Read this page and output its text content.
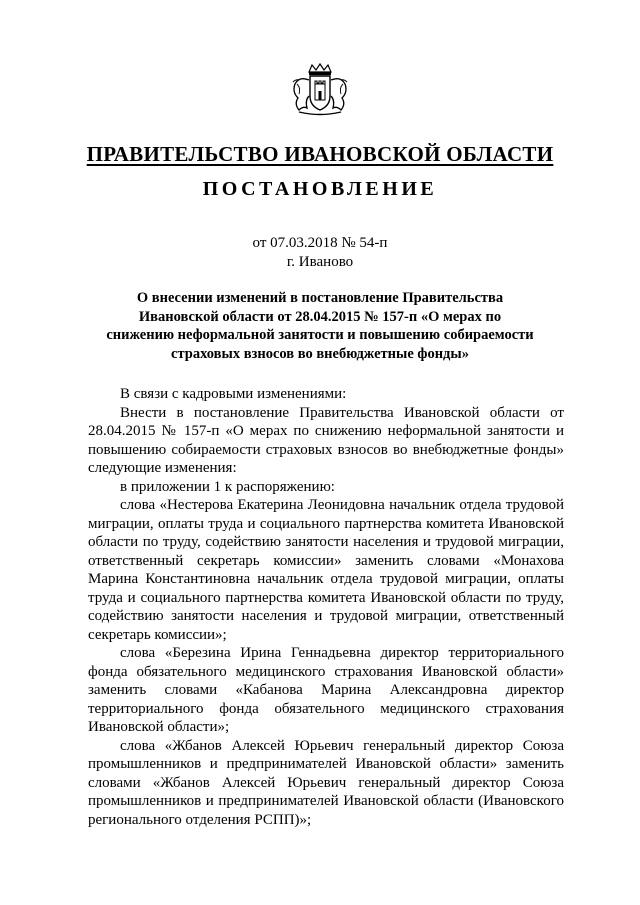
ПРАВИТЕЛЬСТВО ИВАНОВСКОЙ ОБЛАСТИ
ПОСТАНОВЛЕНИЕ
от 07.03.2018 № 54-п
г. Иваново
О внесении изменений в постановление Правительства Ивановской области от 28.04.2015 № 157-п «О мерах по снижению неформальной занятости и повышению собираемости страховых взносов во внебюджетные фонды»

В связи с кадровыми изменениями:

Внести в постановление Правительства Ивановской области от 28.04.2015 № 157-п «О мерах по снижению неформальной занятости и повышению собираемости страховых взносов во внебюджетные фонды» следующие изменения:

в приложении 1 к распоряжению:

слова «Нестерова Екатерина Леонидовна начальник отдела трудовой миграции, оплаты труда и социального партнерства комитета Ивановской области по труду, содействию занятости населения и трудовой миграции, ответственный секретарь комиссии» заменить словами «Монахова Марина Константиновна начальник отдела трудовой миграции, оплаты труда и социального партнерства комитета Ивановской области по труду, содействию занятости населения и трудовой миграции, ответственный секретарь комиссии»;

слова «Березина Ирина Геннадьевна директор территориального фонда обязательного медицинского страхования Ивановской области» заменить словами «Кабанова Марина Александровна директор территориального фонда обязательного медицинского страхования Ивановской области»;

слова «Жбанов Алексей Юрьевич генеральный директор Союза промышленников и предпринимателей Ивановской области» заменить словами «Жбанов Алексей Юрьевич генеральный директор Союза промышленников и предпринимателей Ивановской области (Ивановского регионального отделения РСПП)»;
